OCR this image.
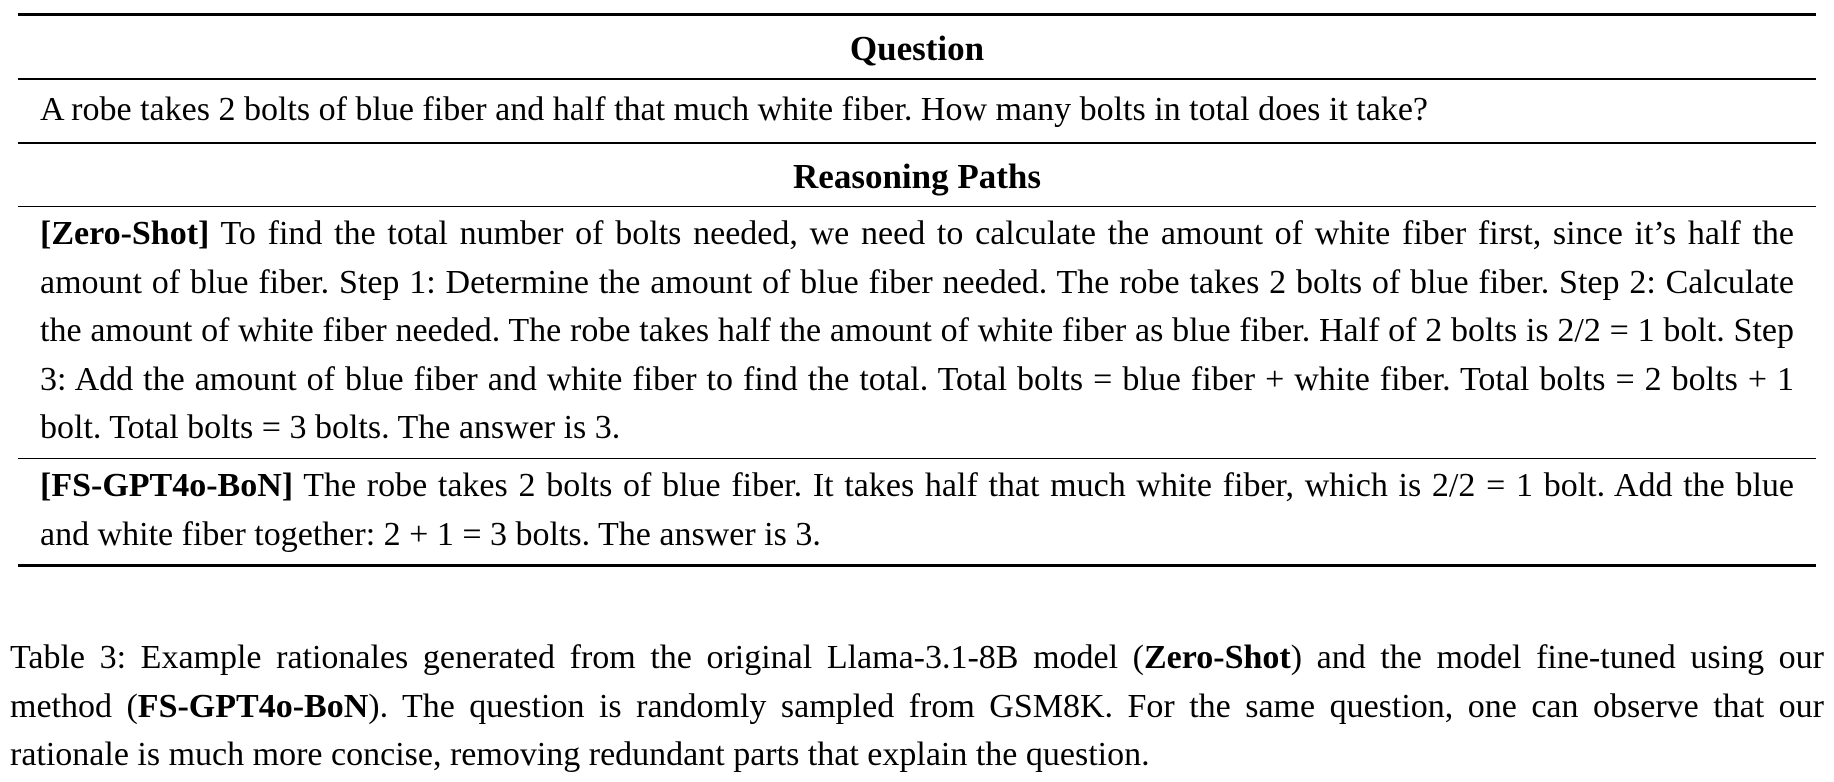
Question
A robe takes 2 bolts of blue fiber and half that much white fiber. How many bolts in total does it take?
Reasoning Paths
[Zero-Shot] To find the total number of bolts needed, we need to calculate the amount of white fiber first, since it’s half the amount of blue fiber. Step 1: Determine the amount of blue fiber needed. The robe takes 2 bolts of blue fiber. Step 2: Calculate the amount of white fiber needed. The robe takes half the amount of white fiber as blue fiber. Half of 2 bolts is 2/2 = 1 bolt. Step 3: Add the amount of blue fiber and white fiber to find the total. Total bolts = blue fiber + white fiber. Total bolts = 2 bolts + 1 bolt. Total bolts = 3 bolts. The answer is 3.
[FS-GPT4o-BoN] The robe takes 2 bolts of blue fiber. It takes half that much white fiber, which is 2/2 = 1 bolt. Add the blue and white fiber together: 2 + 1 = 3 bolts. The answer is 3.
Table 3: Example rationales generated from the original Llama-3.1-8B model (Zero-Shot) and the model fine-tuned using our method (FS-GPT4o-BoN). The question is randomly sampled from GSM8K. For the same question, one can observe that our rationale is much more concise, removing redundant parts that explain the question.
